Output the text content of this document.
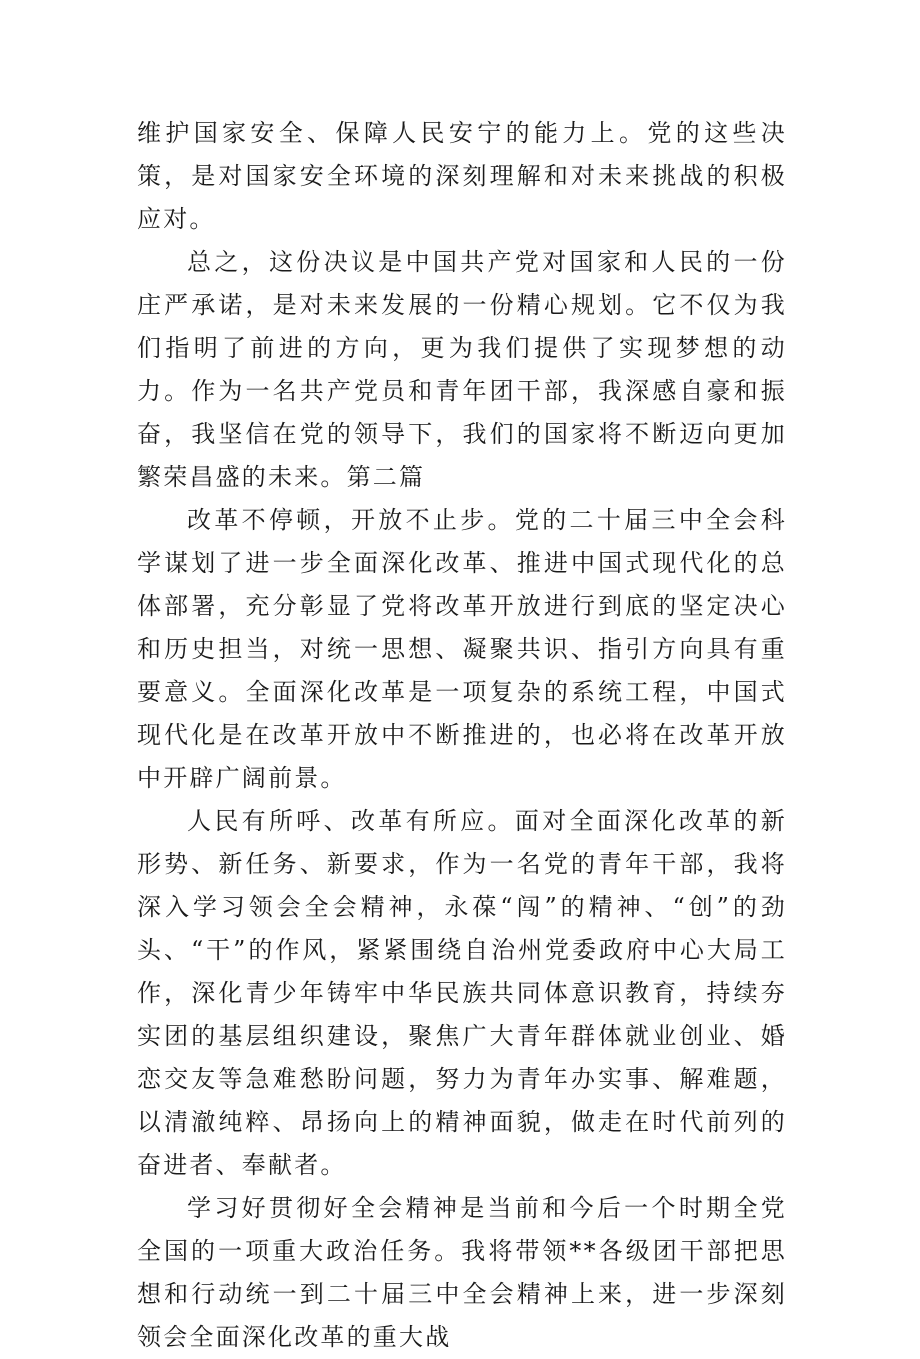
维护国家安全、保障人民安宁的能力上。党的这些决策，是对国家安全环境的深刻理解和对未来挑战的积极应对。

总之，这份决议是中国共产党对国家和人民的一份庄严承诺，是对未来发展的一份精心规划。它不仅为我们指明了前进的方向，更为我们提供了实现梦想的动力。作为一名共产党员和青年团干部，我深感自豪和振奋，我坚信在党的领导下，我们的国家将不断迈向更加繁荣昌盛的未来。第二篇

改革不停顿，开放不止步。党的二十届三中全会科学谋划了进一步全面深化改革、推进中国式现代化的总体部署，充分彰显了党将改革开放进行到底的坚定决心和历史担当，对统一思想、凝聚共识、指引方向具有重要意义。全面深化改革是一项复杂的系统工程，中国式现代化是在改革开放中不断推进的，也必将在改革开放中开辟广阔前景。

人民有所呼、改革有所应。面对全面深化改革的新形势、新任务、新要求，作为一名党的青年干部，我将深入学习领会全会精神，永葆“闯”的精神、“创”的劲头、“干”的作风，紧紧围绕自治州党委政府中心大局工作，深化青少年铸牢中华民族共同体意识教育，持续夯实团的基层组织建设，聚焦广大青年群体就业创业、婚恋交友等急难愁盼问题，努力为青年办实事、解难题，以清澈纯粹、昂扬向上的精神面貌，做走在时代前列的奋进者、奉献者。

学习好贯彻好全会精神是当前和今后一个时期全党全国的一项重大政治任务。我将带领**各级团干部把思想和行动统一到二十届三中全会精神上来，进一步深刻领会全面深化改革的重大战
